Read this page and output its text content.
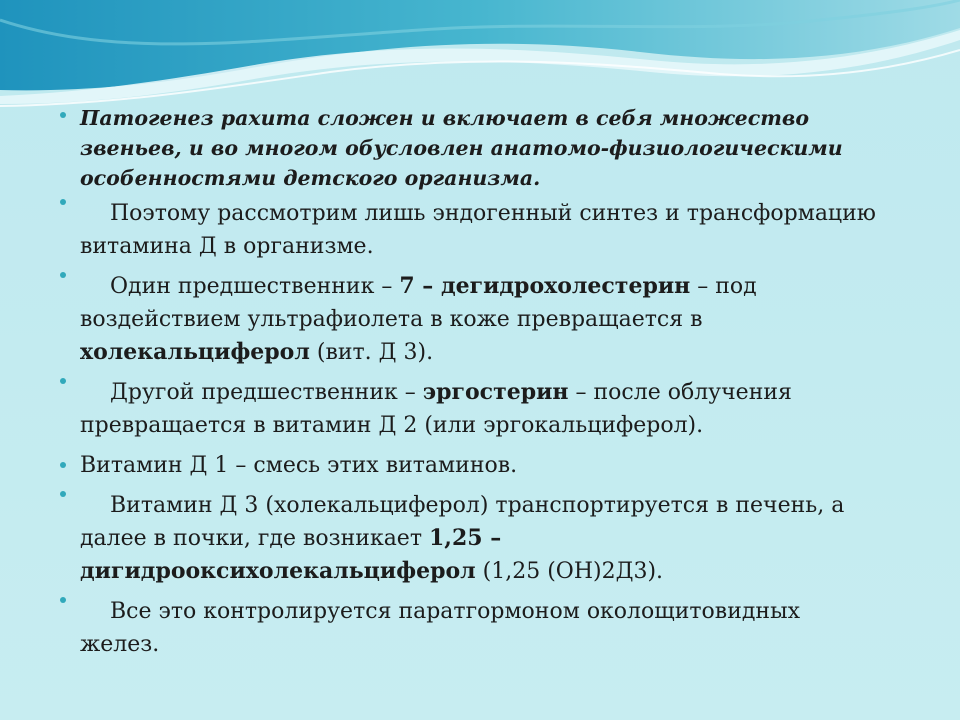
Патогенез рахита сложен и включает в себя множество
звеньев, и во многом обусловлен анатомо-физиологическими
особенностями детского организма.
Поэтому рассмотрим лишь эндогенный синтез и трансформацию
витамина Д в организме.
Один предшественник – 7 – дегидрохолестерин – под
воздействием ультрафиолета в коже превращается в
холекальциферол (вит. Д 3).
Другой предшественник – эргостерин – после облучения
превращается в витамин Д 2 (или эргокальциферол).
Витамин Д 1 – смесь этих витаминов.
Витамин Д 3 (холекальциферол) транспортируется в печень, а
далее в почки, где возникает 1,25 –
дигидрооксихолекальциферол (1,25 (ОН)2Д3).
Все это контролируется паратгормоном околощитовидных
желез.
